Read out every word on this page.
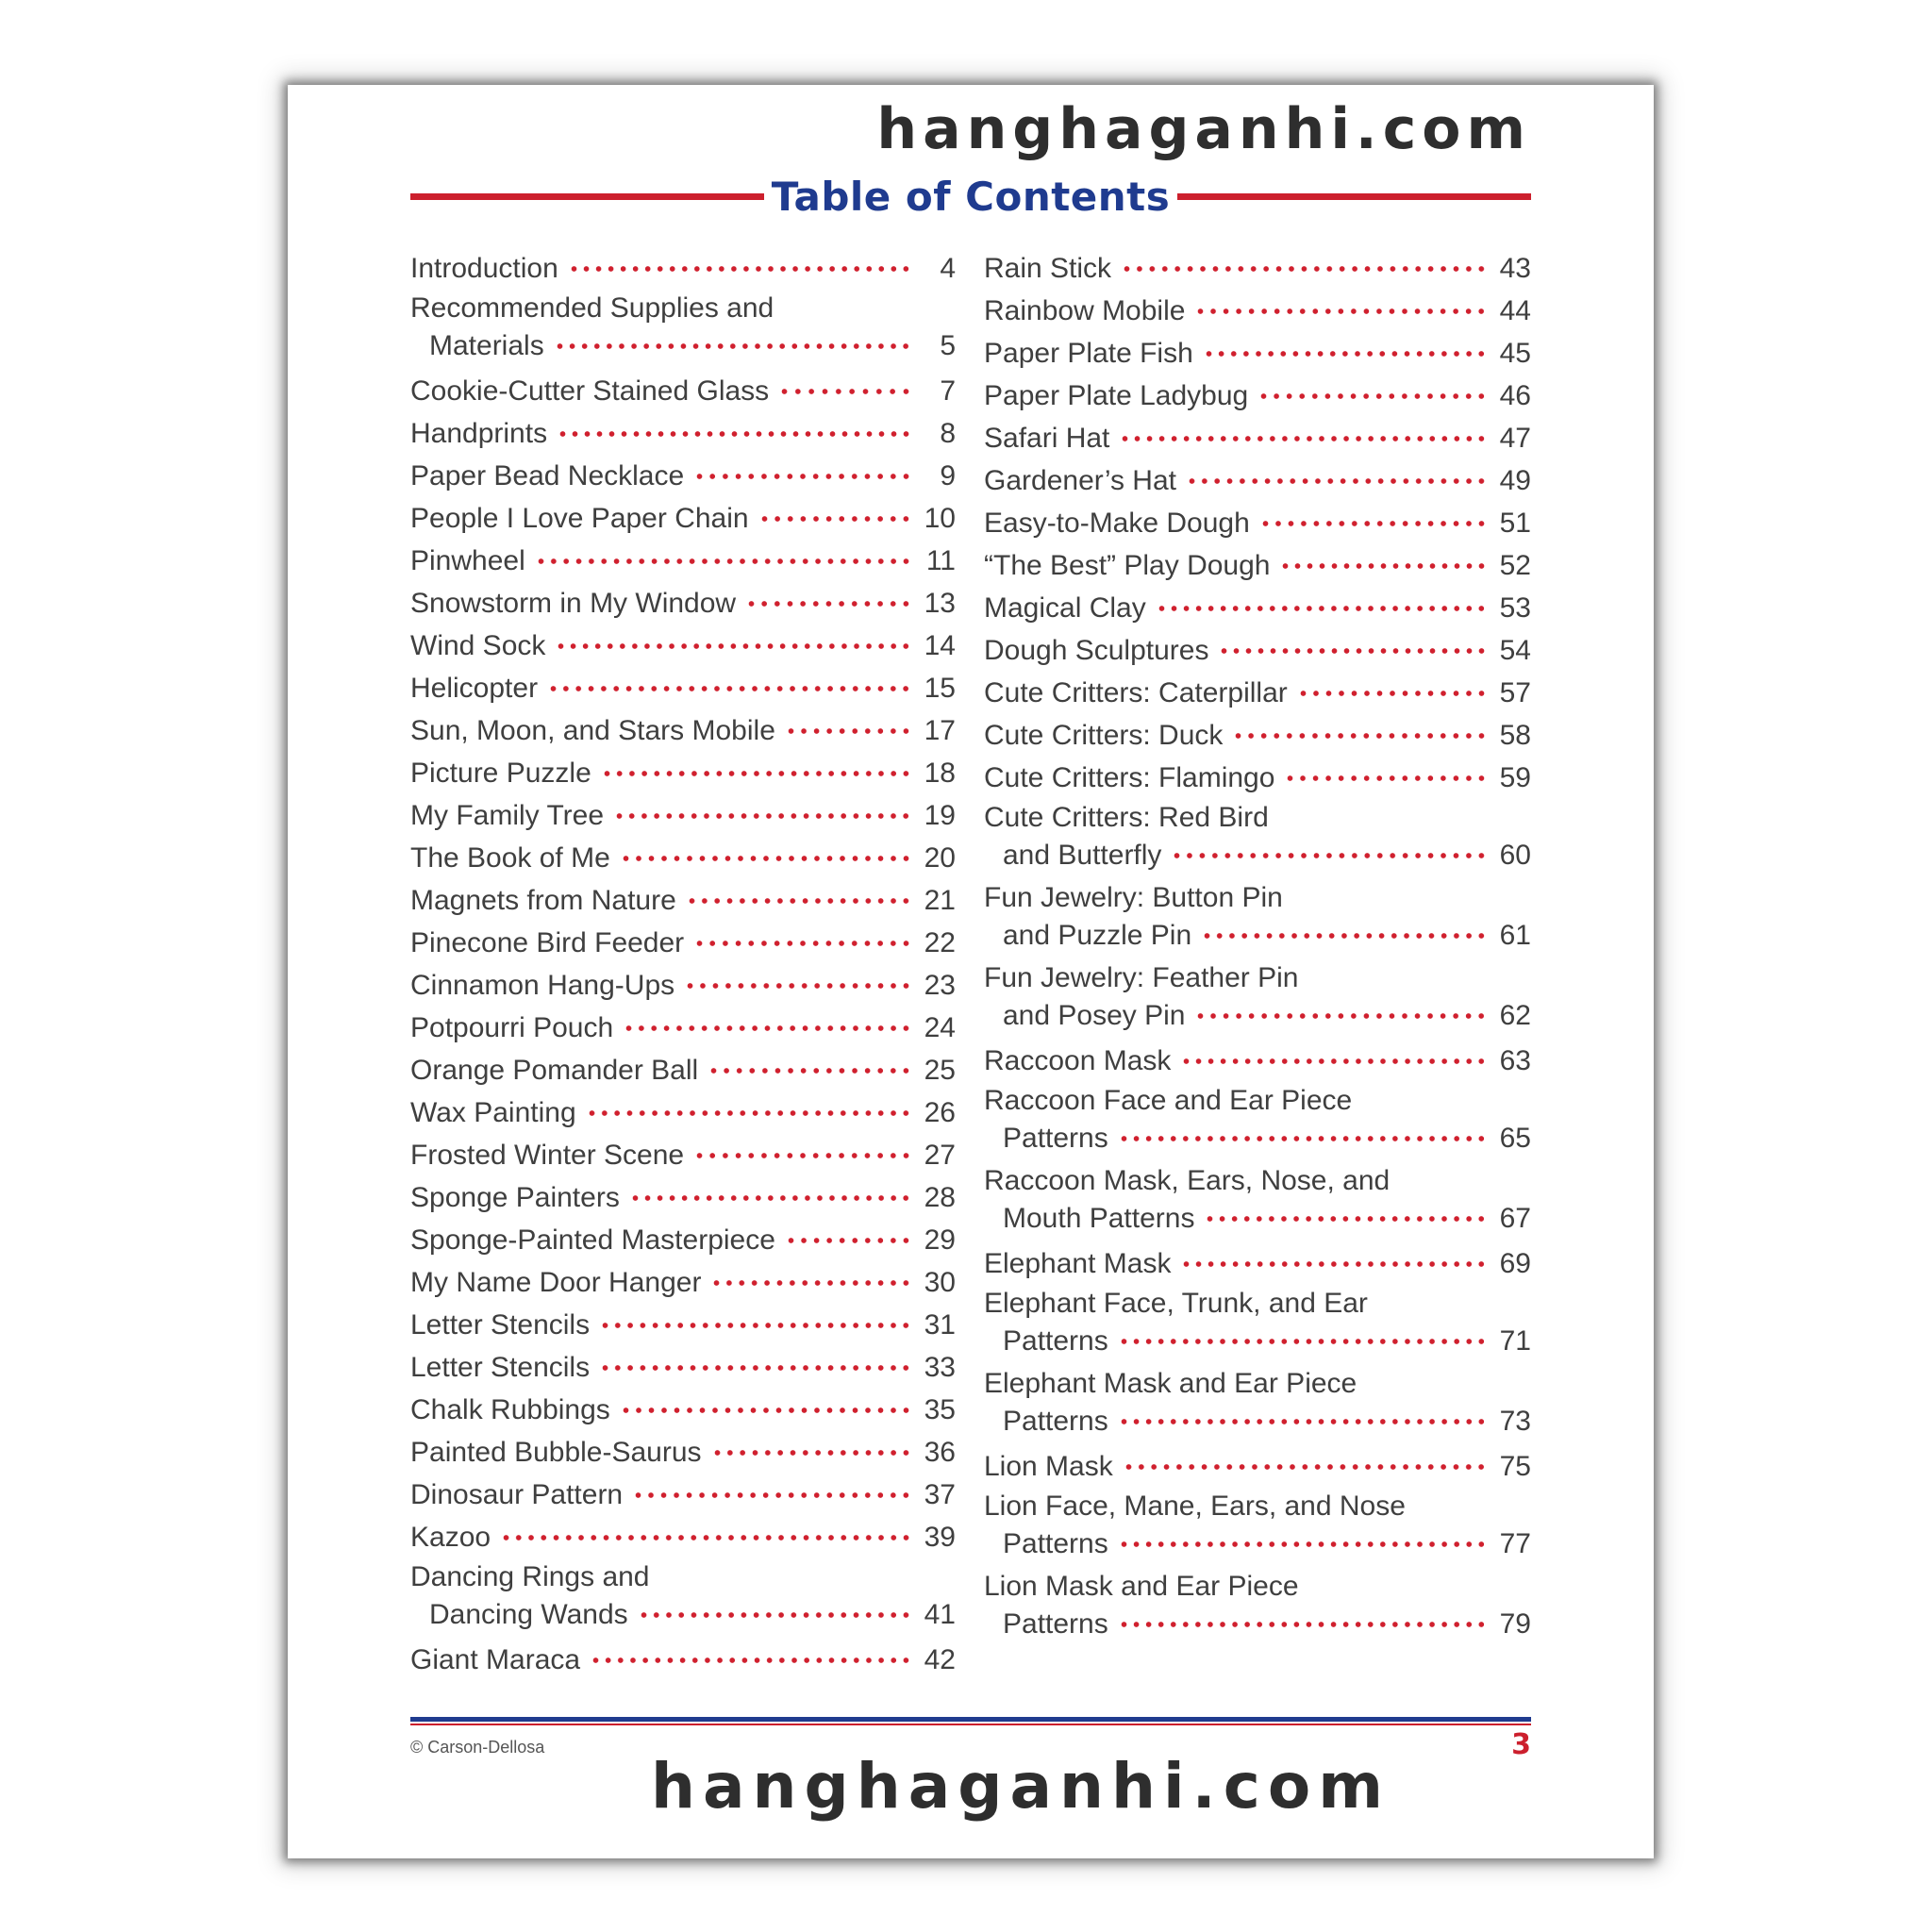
hanghaganhi.com
Table of Contents
Introduction	4
Recommended Supplies and
Materials	5
Cookie-Cutter Stained Glass	7
Handprints	8
Paper Bead Necklace	9
People I Love Paper Chain	10
Pinwheel	11
Snowstorm in My Window	13
Wind Sock	14
Helicopter	15
Sun, Moon, and Stars Mobile	17
Picture Puzzle	18
My Family Tree	19
The Book of Me	20
Magnets from Nature	21
Pinecone Bird Feeder	22
Cinnamon Hang-Ups	23
Potpourri Pouch	24
Orange Pomander Ball	25
Wax Painting	26
Frosted Winter Scene	27
Sponge Painters	28
Sponge-Painted Masterpiece	29
My Name Door Hanger	30
Letter Stencils	31
Letter Stencils	33
Chalk Rubbings	35
Painted Bubble-Saurus	36
Dinosaur Pattern	37
Kazoo	39
Dancing Rings and
Dancing Wands	41
Giant Maraca	42
Rain Stick	43
Rainbow Mobile	44
Paper Plate Fish	45
Paper Plate Ladybug	46
Safari Hat	47
Gardener’s Hat	49
Easy-to-Make Dough	51
“The Best” Play Dough	52
Magical Clay	53
Dough Sculptures	54
Cute Critters: Caterpillar	57
Cute Critters: Duck	58
Cute Critters: Flamingo	59
Cute Critters: Red Bird
and Butterfly	60
Fun Jewelry: Button Pin
and Puzzle Pin	61
Fun Jewelry: Feather Pin
and Posey Pin	62
Raccoon Mask	63
Raccoon Face and Ear Piece
Patterns	65
Raccoon Mask, Ears, Nose, and
Mouth Patterns	67
Elephant Mask	69
Elephant Face, Trunk, and Ear
Patterns	71
Elephant Mask and Ear Piece
Patterns	73
Lion Mask	75
Lion Face, Mane, Ears, and Nose
Patterns	77
Lion Mask and Ear Piece
Patterns	79
© Carson-Dellosa	3
hanghaganhi.com
